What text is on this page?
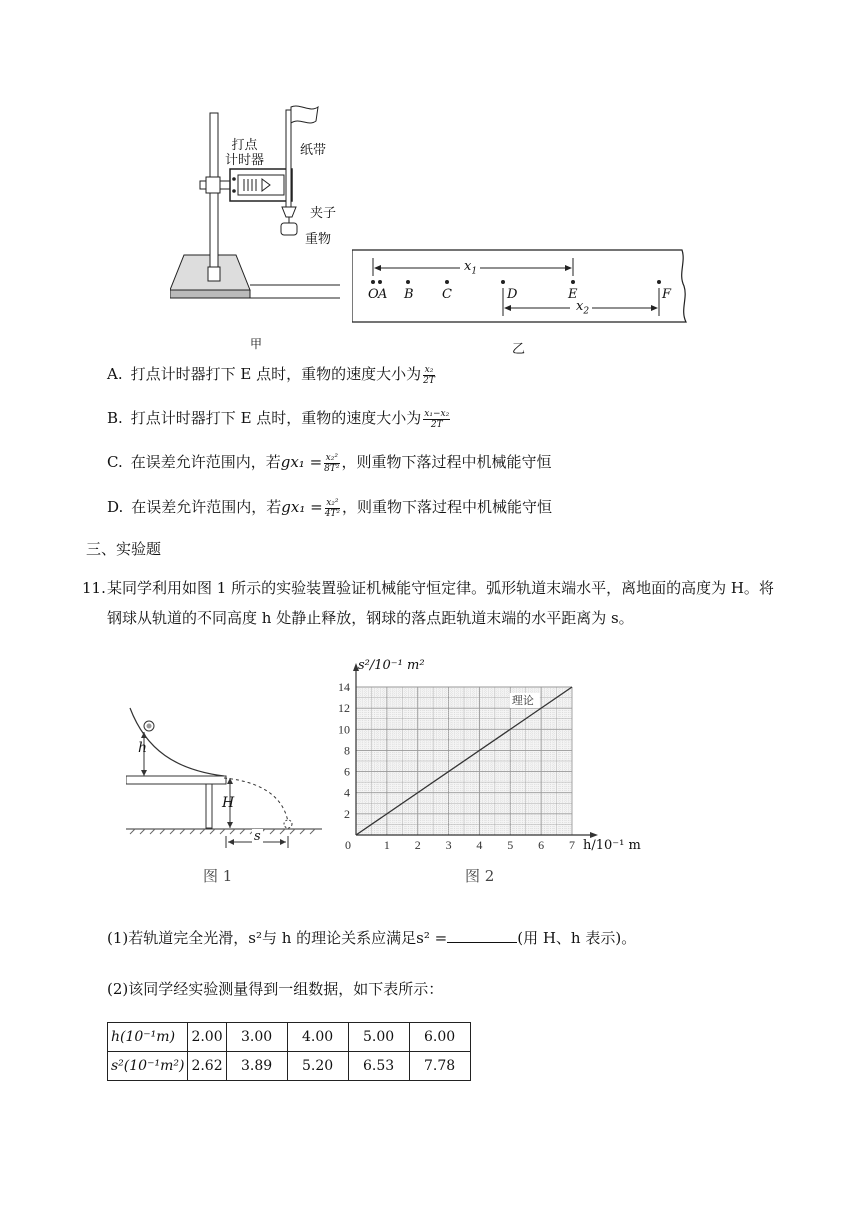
打点
计时器
纸带
夹子
重物
甲
$x_1$
$x_2$
O A B C	D	E	F
乙
A. 打点计时器打下 E 点时，重物的速度大小为 $\frac{\text{x₂}}{2T}$
B. 打点计时器打下 E 点时，重物的速度大小为 $\frac{\text{x₁−x₂}}{2T}$
C. 在误差允许范围内，若$gx_1 = \frac{\text{x₂²}}{\text{8T²}}$ ，则重物下落过程中机械能守恒
D. 在误差允许范围内，若$gx_1 = \frac{\text{x₂²}}{\text{4T²}}$ ，则重物下落过程中机械能守恒
三、实验题
11. 某同学利用如图 1 所示的实验装置验证机械能守恒定律。弧形轨道末端水平，离地面的高度为 H。将
钢球从轨道的不同高度 h 处静止释放，钢球的落点距轨道末端的水平距离为 s。
h
H
s
图 1
0	1 2 3 4 5 6 7
2
4
6
8
10
12
14
理论
s²/10⁻¹ m²
h/10⁻¹ m
图 2
(1)若轨道完全光滑，s²与 h 的理论关系应满足s² =	(用 H、h 表示)。
(2)该同学经实验测量得到一组数据，如下表所示：
h(10⁻¹m)	2.00	3.00	4.00	5.00	6.00
s²(10⁻¹m²)	2.62	3.89	5.20	6.53	7.78
